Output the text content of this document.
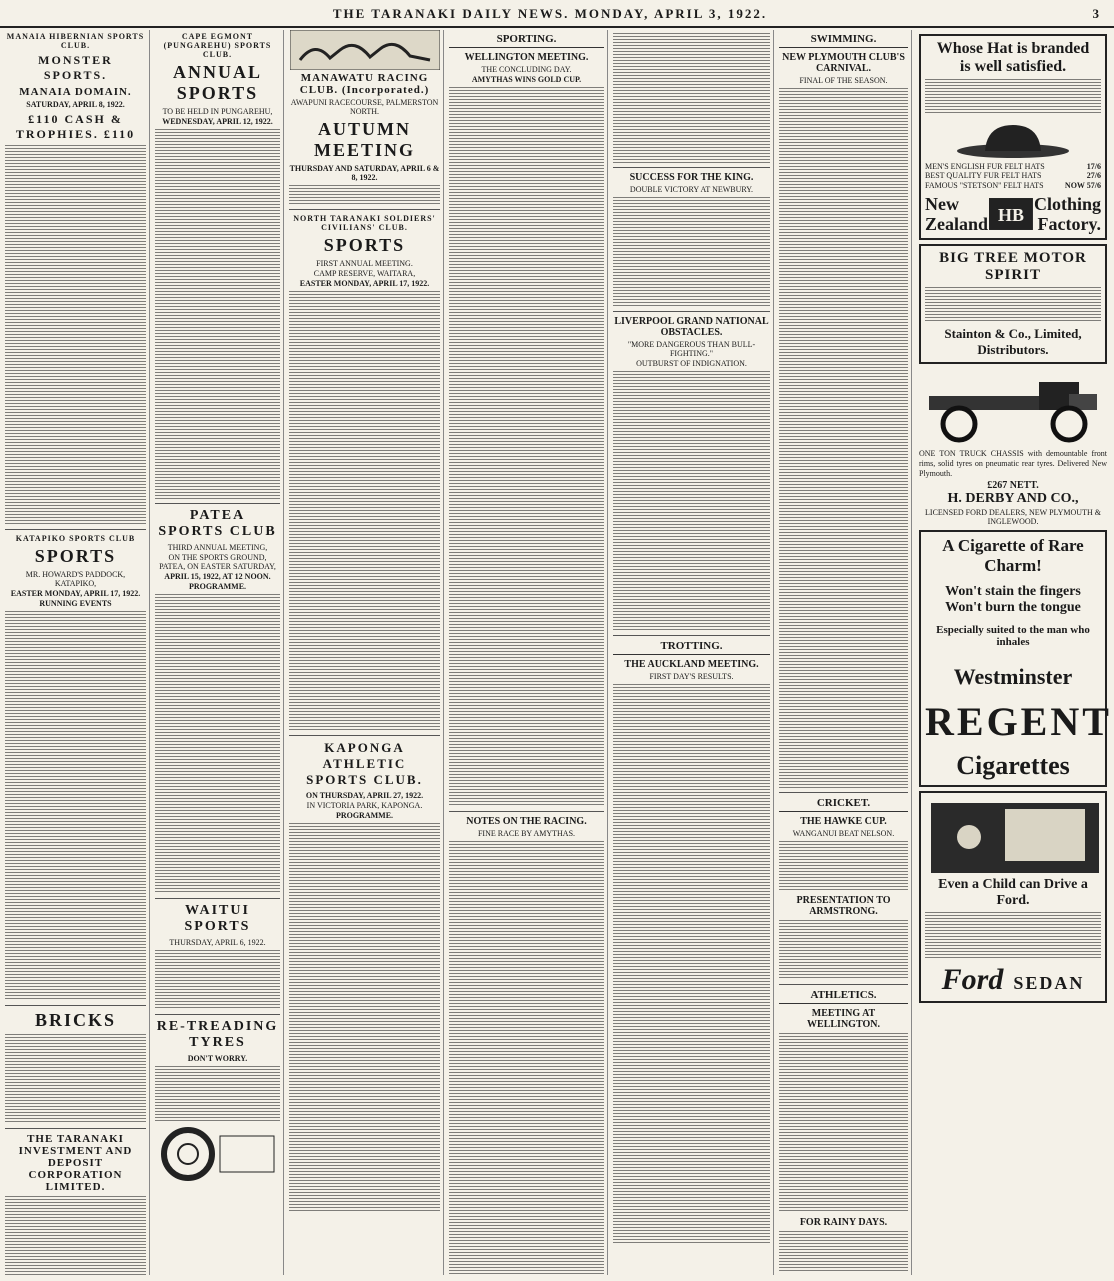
THE TARANAKI DAILY NEWS. MONDAY, APRIL 3, 1922.	3
MANAIA HIBERNIAN SPORTS CLUB.
MONSTER SPORTS.
MANAIA DOMAIN.
SATURDAY, APRIL 8, 1922.
£110 CASH & TROPHIES. £110
KATAPIKO SPORTS CLUB
SPORTS
MR. HOWARD'S PADDOCK, KATAPIKO,
EASTER MONDAY, APRIL 17, 1922.
RUNNING EVENTS
BRICKS
THE TARANAKI INVESTMENT AND DEPOSIT CORPORATION LIMITED.
CAPE EGMONT (PUNGAREHU) SPORTS CLUB.
ANNUAL SPORTS
TO BE HELD IN PUNGAREHU,
WEDNESDAY, APRIL 12, 1922.
PATEA SPORTS CLUB
THIRD ANNUAL MEETING,
ON THE SPORTS GROUND, PATEA, ON EASTER SATURDAY,
APRIL 15, 1922, AT 12 NOON.
PROGRAMME.
WAITUI SPORTS
THURSDAY, APRIL 6, 1922.
RE-TREADING TYRES
DON'T WORRY.
MANAWATU RACING CLUB. (Incorporated.)
AWAPUNI RACECOURSE, PALMERSTON NORTH.
AUTUMN MEETING
THURSDAY AND SATURDAY, APRIL 6 & 8, 1922.
NORTH TARANAKI SOLDIERS' CIVILIANS' CLUB.
SPORTS
FIRST ANNUAL MEETING.
CAMP RESERVE, WAITARA,
EASTER MONDAY, APRIL 17, 1922.
KAPONGA ATHLETIC SPORTS CLUB.
ON THURSDAY, APRIL 27, 1922.
IN VICTORIA PARK, KAPONGA.
PROGRAMME.
SPORTING.
WELLINGTON MEETING.
THE CONCLUDING DAY.
AMYTHAS WINS GOLD CUP.
NOTES ON THE RACING.
FINE RACE BY AMYTHAS.
SUCCESS FOR THE KING.
DOUBLE VICTORY AT NEWBURY.
LIVERPOOL GRAND NATIONAL OBSTACLES.
"MORE DANGEROUS THAN BULL-FIGHTING."
OUTBURST OF INDIGNATION.
TROTTING.
THE AUCKLAND MEETING.
FIRST DAY'S RESULTS.
SWIMMING.
NEW PLYMOUTH CLUB'S CARNIVAL.
FINAL OF THE SEASON.
CRICKET.
THE HAWKE CUP.
WANGANUI BEAT NELSON.
PRESENTATION TO ARMSTRONG.
ATHLETICS.
MEETING AT WELLINGTON.
FOR RAINY DAYS.
Whose Hat is branded
is well satisfied.
MEN'S ENGLISH FUR FELT HATS	17/6
BEST QUALITY FUR FELT HATS	27/6
FAMOUS "STETSON" FELT HATS	NOW 57/6
New
Zealand HB
Clothing
Factory.
BIG TREE MOTOR SPIRIT
Stainton & Co., Limited, Distributors.
ONE TON TRUCK CHASSIS with demountable front rims, solid tyres on pneumatic rear tyres. Delivered New Plymouth.
£267 NETT.
H. DERBY AND CO.,
LICENSED FORD DEALERS, NEW PLYMOUTH & INGLEWOOD.
A Cigarette of Rare Charm!
Won't stain the fingers
Won't burn the tongue
Especially suited to the man who inhales
Westminster
REGENT
Cigarettes
Even a Child can Drive a Ford.
Ford SEDAN
